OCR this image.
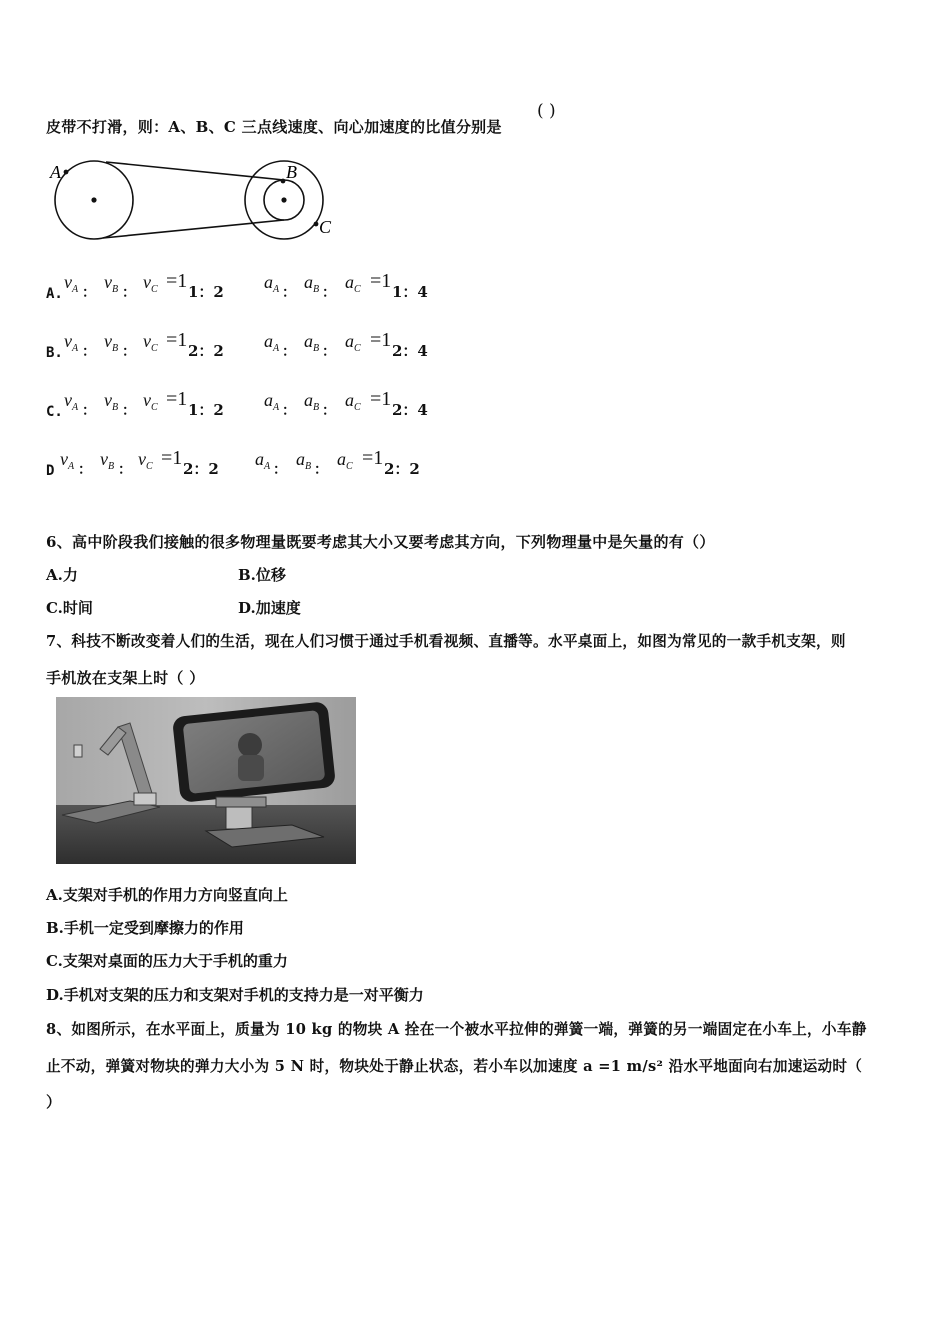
皮带不打滑，则：A、B、C 三点线速度、向心加速度的比值分别是
( )
A	B
C
A.
$v_A$ ：
$v_B$ ：
$v_C =1$ 1：2 $a_A$ ：
$a_B$ ：
$a_C =1$ 1：4
B.
$v_A$ ：
$v_B$ ：
$v_C =1$ 2：2 $a_A$ ：
$a_B$ ：
$a_C =1$ 2：4
C.
$v_A$ ：
$v_B$ ：
$v_C =1$ 1：2 $a_A$ ：
$a_B$ ：
$a_C =1$ 2：4
D
$v_A$ ：
$v_B$ ：
$v_C =1$ 2：2 $a_A$ ：
$a_B$ ：
$a_C =1$ 2：2
6、高中阶段我们接触的很多物理量既要考虑其大小又要考虑其方向，下列物理量中是矢量的有（）
A.力	B.位移
C.时间	D.加速度
7、科技不断改变着人们的生活，现在人们习惯于通过手机看视频、直播等。水平桌面上，如图为常见的一款手机支架，则
手机放在支架上时（ ）
A.支架对手机的作用力方向竖直向上
B.手机一定受到摩擦力的作用
C.支架对桌面的压力大于手机的重力
D.手机对支架的压力和支架对手机的支持力是一对平衡力
8、如图所示，在水平面上，质量为 10 kg 的物块 A 拴在一个被水平拉伸的弹簧一端，弹簧的另一端固定在小车上，小车静
止不动，弹簧对物块的弹力大小为 5 N 时，物块处于静止状态，若小车以加速度 a =1 m/s² 沿水平地面向右加速运动时（
）
